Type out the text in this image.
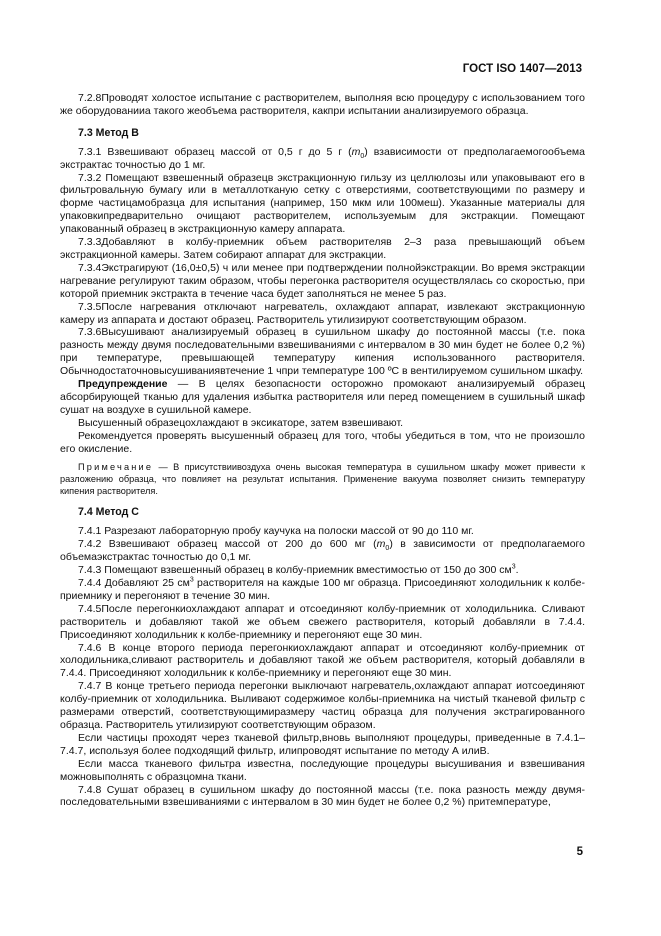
ГОСТ ISO 1407—2013

7.2.8Проводят холостое испытание с растворителем, выполняя всю процедуру с использованием того же оборудованииа такого жеобъема растворителя, какпри испытании анализируемого образца.

7.3 Метод В

7.3.1 Взвешивают образец массой от 0,5 г до 5 г $(m_0)$ взависимости от предполагаемогообъема экстрактас точностью до 1 мг.

7.3.2 Помещают взвешенный образецв экстракционную гильзу из целлюлозы или упаковывают его в фильтровальную бумагу или в металлотканую сетку с отверстиями, соответствующими по размеру и форме частицамобразца для испытания (например, 150 мкм или 100меш). Указанные материалы для упаковкипредварительно очищают растворителем, используемым для экстракции. Помещают упакованный образец в экстракционную камеру аппарата.

7.3.3Добавляют в колбу-приемник объем растворителяв 2–3 раза превышающий объем экстракционной камеры. Затем собирают аппарат для экстракции.

7.3.4Экстрагируют (16,0±0,5) ч или менее при подтверждении полнойэкстракции. Во время экстракции нагревание регулируют таким образом, чтобы перегонка растворителя осуществлялась со скоростью, при которой приемник экстракта в течение часа будет заполняться не менее 5 раз.

7.3.5После нагревания отключают нагреватель, охлаждают аппарат, извлекают экстракционную камеру из аппарата и достают образец. Растворитель утилизируют соответствующим образом.

7.3.6Высушивают анализируемый образец в сушильном шкафу до постоянной массы (т.е. пока разность между двумя последовательными взвешиваниями с интервалом в 30 мин будет не более 0,2 %) при температуре, превышающей температуру кипения использованного растворителя. Обычнодостаточновысушиваниявтечение 1 чпри температуре 100 ºС в вентилируемом сушильном шкафу.

Предупреждение — В целях безопасности осторожно промокают анализируемый образец абсорбирующей тканью для удаления избытка растворителя или перед помещением в сушильный шкаф сушат на воздухе в сушильной камере.

Высушенный образецохлаждают в эксикаторе, затем взвешивают.

Рекомендуется проверять высушенный образец для того, чтобы убедиться в том, что не произошло его окисление.

Примечание — В присутствиивоздуха очень высокая температура в сушильном шкафу может привести к разложению образца, что повлияет на результат испытания. Применение вакуума позволяет снизить температуру кипения растворителя.

7.4 Метод С

7.4.1 Разрезают лабораторную пробу каучука на полоски массой от 90 до 110 мг.

7.4.2 Взвешивают образец массой от 200 до 600 мг $(m_0)$ в зависимости от предполагаемого объемаэкстрактас точностью до 0,1 мг.

7.4.3 Помещают взвешенный образец в колбу-приемник вместимостью от 150 до 300 $см^3$.

7.4.4 Добавляют 25 $см^3$ растворителя на каждые 100 мг образца. Присоединяют холодильник к колбе-приемнику и перегоняют в течение 30 мин.

7.4.5После перегонкиохлаждают аппарат и отсоединяют колбу-приемник от холодильника. Сливают растворитель и добавляют такой же объем свежего растворителя, который добавляли в 7.4.4. Присоединяют холодильник к колбе-приемнику и перегоняют еще 30 мин.

7.4.6 В конце второго периода перегонкиохлаждают аппарат и отсоединяют колбу-приемник от холодильника,сливают растворитель и добавляют такой же объем растворителя, который добавляли в 7.4.4. Присоединяют холодильник к колбе-приемнику и перегоняют еще 30 мин.

7.4.7 В конце третьего периода перегонки выключают нагреватель,охлаждают аппарат иотсоединяют колбу-приемник от холодильника. Выливают содержимое колбы-приемника на чистый тканевой фильтр с размерами отверстий, соответствующимиразмеру частиц образца для получения экстрагированного образца. Растворитель утилизируют соответствующим образом.

Если частицы проходят через тканевой фильтр,вновь выполняют процедуры, приведенные в 7.4.1–7.4.7, используя более подходящий фильтр, илипроводят испытание по методу А илиВ.

Если масса тканевого фильтра известна, последующие процедуры высушивания и взвешивания можновыполнять с образцомна ткани.

7.4.8 Сушат образец в сушильном шкафу до постоянной массы (т.е. пока разность между двумя-последовательными взвешиваниями с интервалом в 30 мин будет не более 0,2 %) притемпературе,

5
